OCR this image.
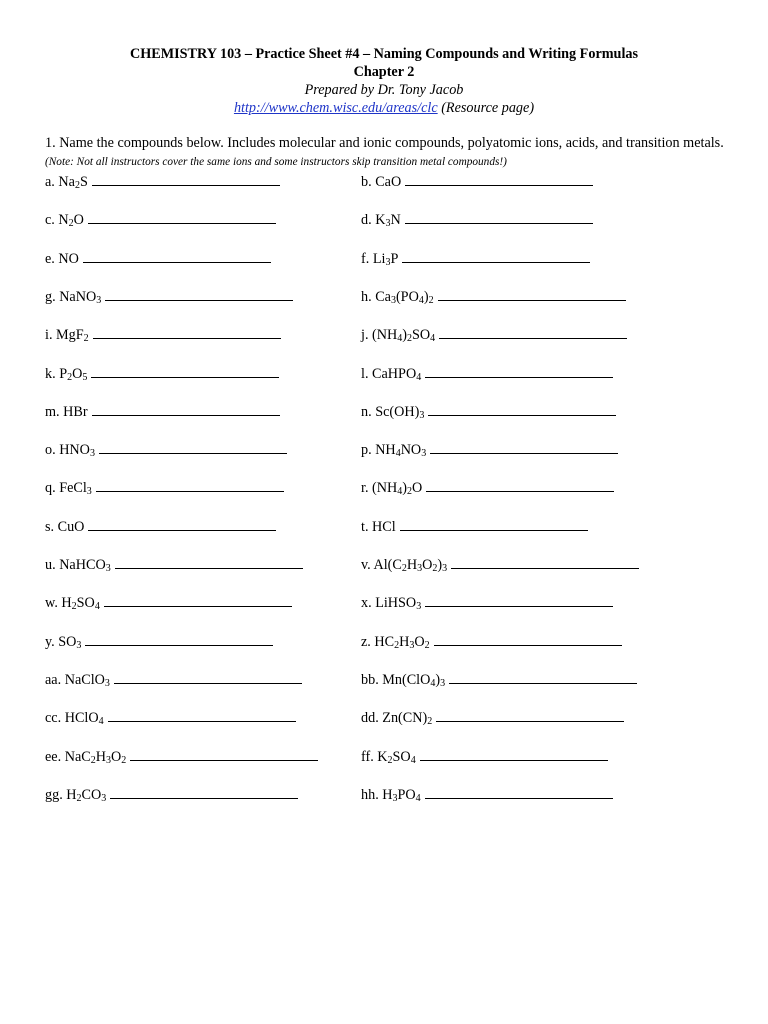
CHEMISTRY 103 – Practice Sheet #4 – Naming Compounds and Writing Formulas
Chapter 2
Prepared by Dr. Tony Jacob
http://www.chem.wisc.edu/areas/clc (Resource page)
1. Name the compounds below. Includes molecular and ionic compounds, polyatomic ions, acids, and transition metals. (Note: Not all instructors cover the same ions and some instructors skip transition metal compounds!)
a. $Na_2S$	b. CaO
c. $N_2O$	d. $K_3N$
e. NO	f. $Li_3P$
g. NaNO$_3$	h. $Ca_3(PO_4)_2$
i. MgF$_2$	j. $(NH_4)_2SO_4$
k. $P_2O_5$	l. CaHPO$_4$
m. HBr	n. $Sc(OH)_3$
o. $HNO_3$	p. $NH_4NO_3$
q. FeCl$_3$	r. $(NH_4)_2O$
s. CuO	t. HCl
u. NaHCO$_3$	v. $Al(C_2H_3O_2)_3$
w. $H_2SO_4$	x. LiHSO$_3$
y. $SO_3$	z. $HC_2H_3O_2$
aa. NaClO$_3$	bb. $Mn(ClO_4)_3$
cc. HClO$_4$	dd. $Zn(CN)_2$
ee. $NaC_2H_3O_2$	ff. $K_2SO_4$
gg. $H_2CO_3$	hh. $H_3PO_4$
